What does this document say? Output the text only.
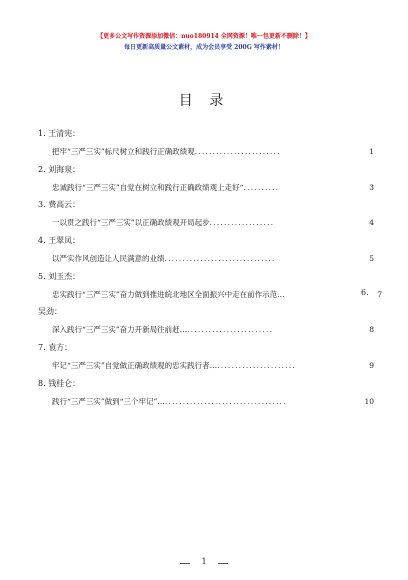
【更多公文写作资源添加微信：nuo180914 全网资源！唯一包更新不删除！】
每日更新高质量公文素材，成为会员享受 200G 写作素材！
目 录
1. 王清宪：
把牢“三严三实”标尺树立和践行正确政绩观 ........................	1
2. 刘海泉：
忠诚践行“三严三实”自觉在树立和践行正确政绩观上走好“ ..........	3
3. 费高云：
一以贯之践行“三严三实”以正确政绩观开局起步 ..................	4
4. 王翠凤：
以严实作风创造让人民满意的业绩 ...............................	5
5. 刘玉杰：
忠实践行“三严三实”奋力做到推进皖北地区全面振兴中走在前作示范…	7
6.
吴劲：
深入践行“三严三实”奋力开新局往前赶… ........................	8
7. 袁方：
牢记“三严三实”自觉做正确政绩观的忠实践行者… ......................	9
8. 钱桂仑：
践行“三严三实”做到“三个牢记”… ..................................	10
1
